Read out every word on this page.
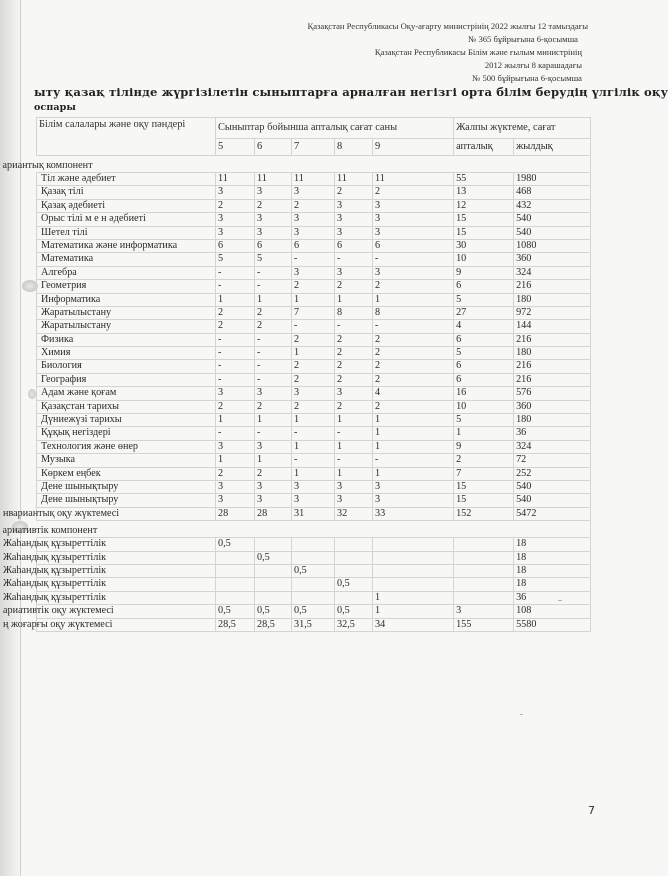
Қазақстан Республикасы Оқу-ағарту министрінің 2022 жылғы 12 тамыздағы
№ 365 бұйрығына 6-қосымша
Қазақстан Республикасы Білім және ғылым министрінің
2012 жылғы 8 карашадағы
№ 500 бұйрығына 6-қосымша
ыту қазақ тілінде жүргізілетін сыныптарға арналған негізгі орта білім берудің үлгілік оқу
оспары
Білім салалары және оқу пәндері	Сыныптар бойынша апталық сағат саны					Жалпы жүктеме, сағат	
	5	6	7	8	9	апталық	жылдық
ариантық компонент							
Тіл және әдебиет	11	11	11	11	11	55	1980
Қазақ тілі	3	3	3	2	2	13	468
Қазақ әдебиеті	2	2	2	3	3	12	432
Орыс тілі м е н әдебиеті	3	3	3	3	3	15	540
Шетел тілі	3	3	3	3	3	15	540
Математика және информатика	6	6	6	6	6	30	1080
Математика	5	5	-	-	-	10	360
Алгебра	-	-	3	3	3	9	324
Геометрия	-	-	2	2	2	6	216
Информатика	1	1	1	1	1	5	180
Жаратылыстану	2	2	7	8	8	27	972
Жаратылыстану	2	2	-	-	-	4	144
Физика	-	-	2	2	2	6	216
Химия	-	-	1	2	2	5	180
Биология	-	-	2	2	2	6	216
География	-	-	2	2	2	6	216
Адам және қоғам	3	3	3	3	4	16	576
Қазақстан тарихы	2	2	2	2	2	10	360
Дүниежүзі тарихы	1	1	1	1	1	5	180
Құқық негіздері	-	-	-	-	1	1	36
Технология және өнер	3	3	1	1	1	9	324
Музыка	1	1	-	-	-	2	72
Көркем еңбек	2	2	1	1	1	7	252
Дене шынықтыру	3	3	3	3	3	15	540
Дене шынықтыру	3	3	3	3	3	15	540
нвариантық оқу жүктемесі	28	28	31	32	33	152	5472
ариативтік компонент							
Жаһандық құзыреттілік	0,5						18
Жаһандық құзыреттілік		0,5					18
Жаһандық құзыреттілік			0,5				18
Жаһандық құзыреттілік				0,5			18
Жаһандық құзыреттілік					1		36
ариативтік оқу жүктемесі	0,5	0,5	0,5	0,5	1	3	108
ң жоғарғы оқу жүктемесі	28,5	28,5	31,5	32,5	34	155	5580
7
